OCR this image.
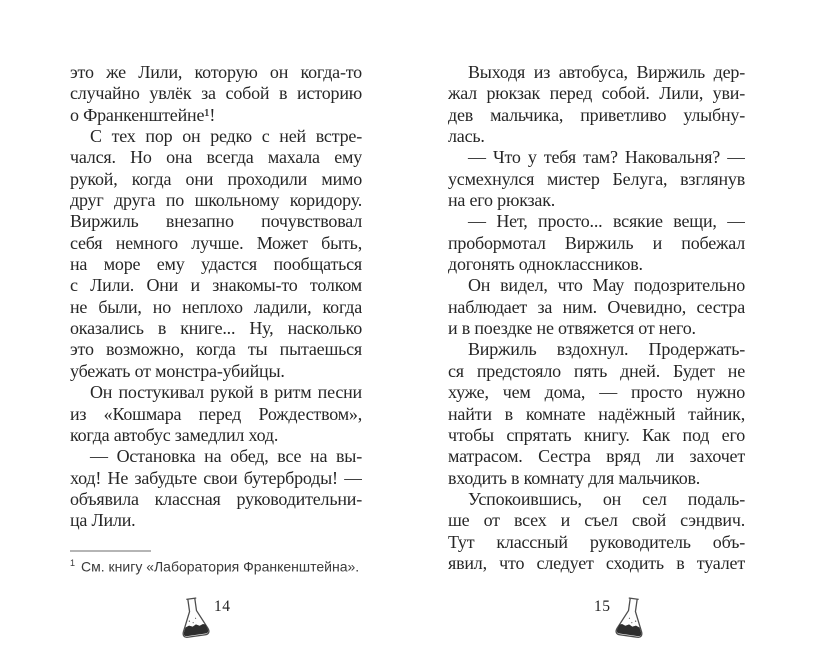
это же Лили, которую он когда-то
случайно увлёк за собой в историю
о Франкенштейне¹!
С тех пор он редко с ней встре-
чался. Но она всегда махала ему
рукой, когда они проходили мимо
друг друга по школьному коридору.
Виржиль внезапно почувствовал
себя немного лучше. Может быть,
на море ему удастся пообщаться
с Лили. Они и знакомы-то толком
не были, но неплохо ладили, когда
оказались в книге... Ну, насколько
это возможно, когда ты пытаешься
убежать от монстра-убийцы.
Он постукивал рукой в ритм песни
из «Кошмара перед Рождеством»,
когда автобус замедлил ход.
— Остановка на обед, все на вы-
ход! Не забудьте свои бутерброды! —
объявила классная руководительни-
ца Лили.
Выходя из автобуса, Виржиль дер-
жал рюкзак перед собой. Лили, уви-
дев мальчика, приветливо улыбну-
лась.
— Что у тебя там? Наковальня? —
усмехнулся мистер Белуга, взглянув
на его рюкзак.
— Нет, просто... всякие вещи, —
пробормотал Виржиль и побежал
догонять одноклассников.
Он видел, что Мау подозрительно
наблюдает за ним. Очевидно, сестра
и в поездке не отвяжется от него.
Виржиль вздохнул. Продержать-
ся предстояло пять дней. Будет не
хуже, чем дома, — просто нужно
найти в комнате надёжный тайник,
чтобы спрятать книгу. Как под его
матрасом. Сестра вряд ли захочет
входить в комнату для мальчиков.
Успокоившись, он сел подаль-
ше от всех и съел свой сэндвич.
Тут классный руководитель объ-
явил, что следует сходить в туалет
$^1$ См. книгу «Лаборатория Франкенштейна».
14	15
